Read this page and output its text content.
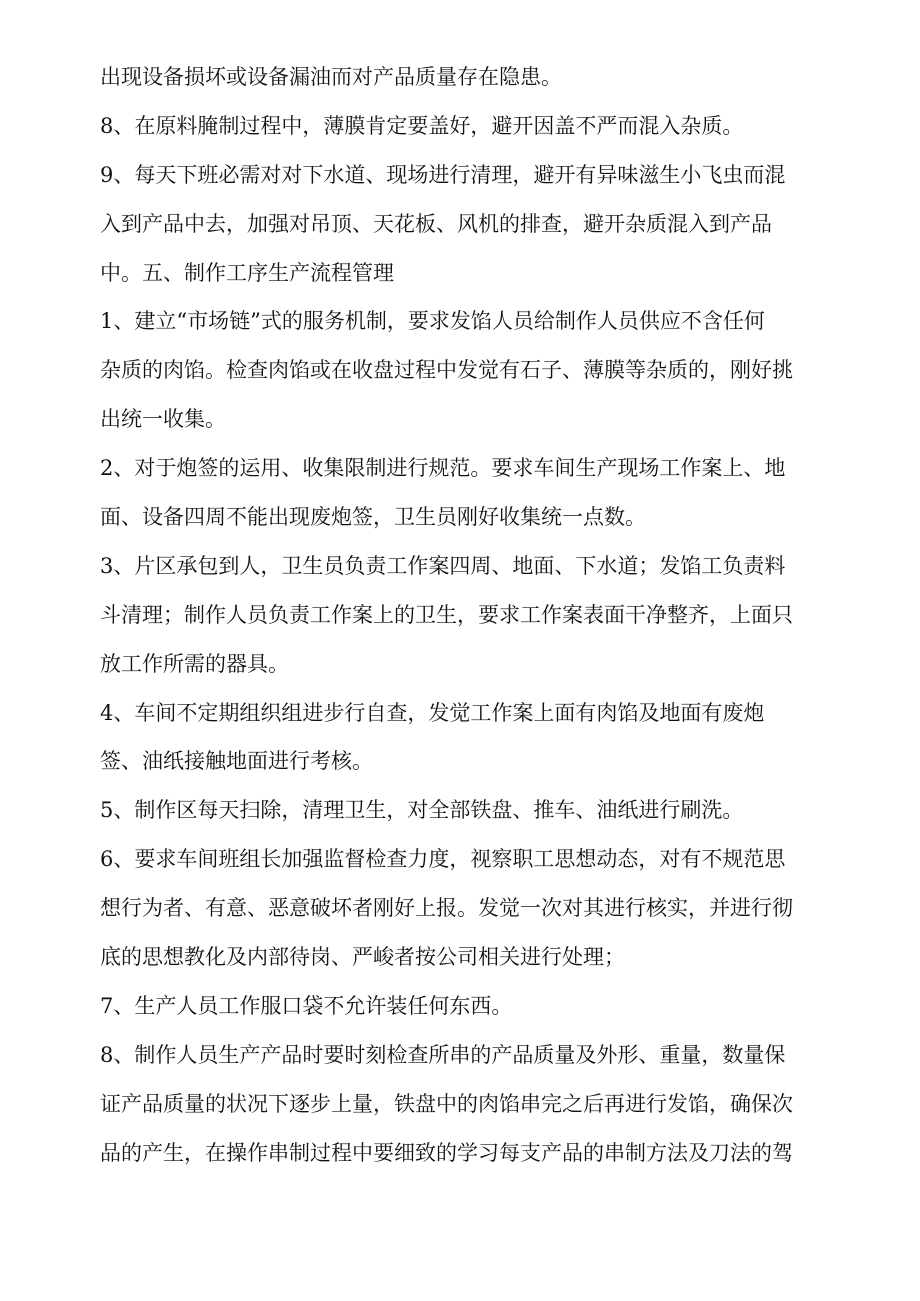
出现设备损坏或设备漏油而对产品质量存在隐患。

8、在原料腌制过程中，薄膜肯定要盖好，避开因盖不严而混入杂质。

9、每天下班必需对对下水道、现场进行清理，避开有异味滋生小飞虫而混

入到产品中去，加强对吊顶、天花板、风机的排查，避开杂质混入到产品

中。五、制作工序生产流程管理

1、建立“市场链”式的服务机制，要求发馅人员给制作人员供应不含任何

杂质的肉馅。检查肉馅或在收盘过程中发觉有石子、薄膜等杂质的，刚好挑

出统一收集。

2、对于炮签的运用、收集限制进行规范。要求车间生产现场工作案上、地

面、设备四周不能出现废炮签，卫生员刚好收集统一点数。

3、片区承包到人，卫生员负责工作案四周、地面、下水道；发馅工负责料

斗清理；制作人员负责工作案上的卫生，要求工作案表面干净整齐，上面只

放工作所需的器具。

4、车间不定期组织组进步行自查，发觉工作案上面有肉馅及地面有废炮

签、油纸接触地面进行考核。

5、制作区每天扫除，清理卫生，对全部铁盘、推车、油纸进行刷洗。

6、要求车间班组长加强监督检查力度，视察职工思想动态，对有不规范思

想行为者、有意、恶意破坏者刚好上报。发觉一次对其进行核实，并进行彻

底的思想教化及内部待岗、严峻者按公司相关进行处理；

7、生产人员工作服口袋不允许装任何东西。

8、制作人员生产产品时要时刻检查所串的产品质量及外形、重量，数量保

证产品质量的状况下逐步上量，铁盘中的肉馅串完之后再进行发馅，确保次

品的产生，在操作串制过程中要细致的学习每支产品的串制方法及刀法的驾
